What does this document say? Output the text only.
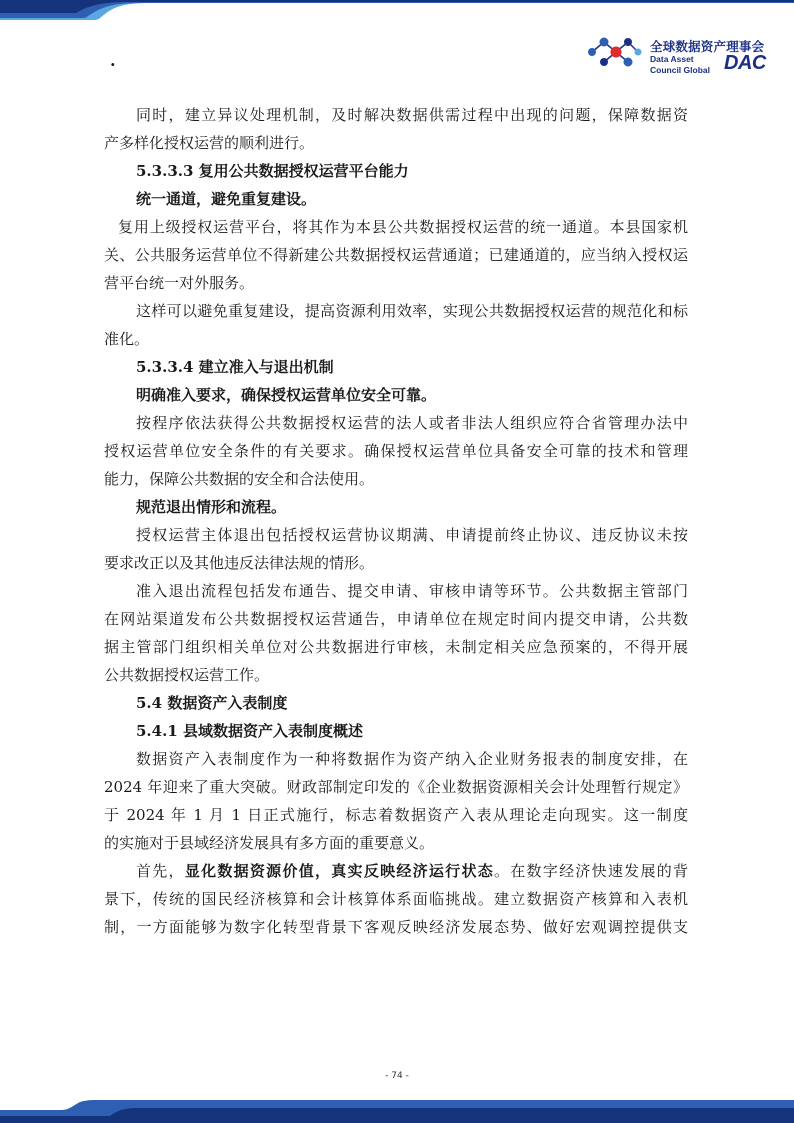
·
全球数据资产理事会
Data Asset
Council Global DAC

同时，建立异议处理机制，及时解决数据供需过程中出现的问题，保障数据资

产多样化授权运营的顺利进行。

5.3.3.3 复用公共数据授权运营平台能力

统一通道，避免重复建设。

复用上级授权运营平台，将其作为本县公共数据授权运营的统一通道。本县国家机

关、公共服务运营单位不得新建公共数据授权运营通道；已建通道的，应当纳入授权运

营平台统一对外服务。

这样可以避免重复建设，提高资源利用效率，实现公共数据授权运营的规范化和标

准化。

5.3.3.4 建立准入与退出机制

明确准入要求，确保授权运营单位安全可靠。

按程序依法获得公共数据授权运营的法人或者非法人组织应符合省管理办法中

授权运营单位安全条件的有关要求。确保授权运营单位具备安全可靠的技术和管理

能力，保障公共数据的安全和合法使用。

规范退出情形和流程。

授权运营主体退出包括授权运营协议期满、申请提前终止协议、违反协议未按

要求改正以及其他违反法律法规的情形。

准入退出流程包括发布通告、提交申请、审核申请等环节。公共数据主管部门

在网站渠道发布公共数据授权运营通告，申请单位在规定时间内提交申请，公共数

据主管部门组织相关单位对公共数据进行审核，未制定相关应急预案的，不得开展

公共数据授权运营工作。

5.4 数据资产入表制度

5.4.1 县域数据资产入表制度概述

数据资产入表制度作为一种将数据作为资产纳入企业财务报表的制度安排，在

2024 年迎来了重大突破。财政部制定印发的《企业数据资源相关会计处理暂行规定》

于 2024 年 1 月 1 日正式施行，标志着数据资产入表从理论走向现实。这一制度

的实施对于县域经济发展具有多方面的重要意义。

首先，显化数据资源价值，真实反映经济运行状态。在数字经济快速发展的背

景下，传统的国民经济核算和会计核算体系面临挑战。建立数据资产核算和入表机

制，一方面能够为数字化转型背景下客观反映经济发展态势、做好宏观调控提供支

- 74 -
